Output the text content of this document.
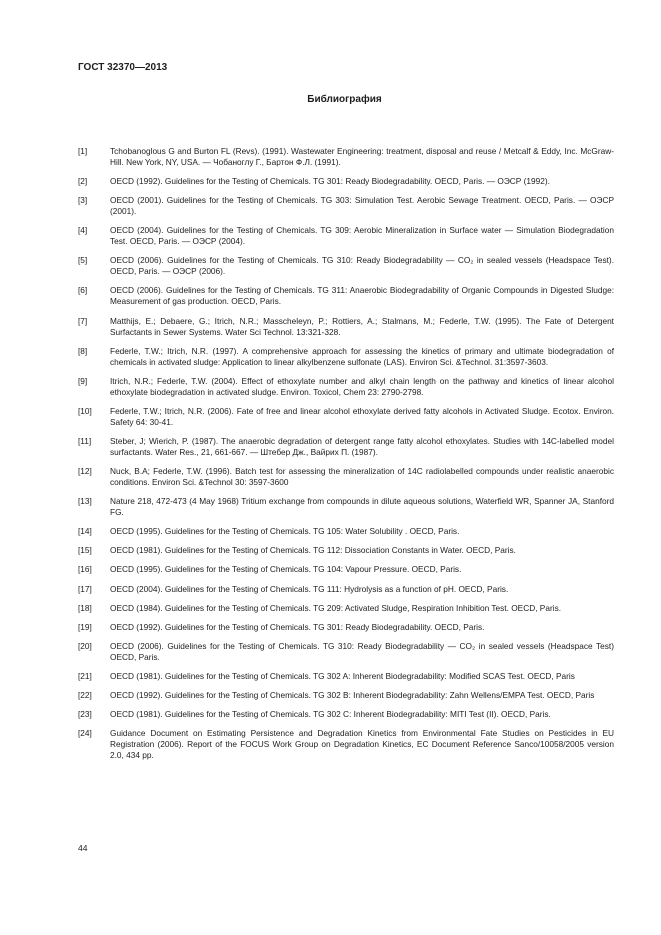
ГОСТ 32370—2013
Библиография
[1]	Tchobanoglous G and Burton FL (Revs). (1991). Wastewater Engineering: treatment, disposal and reuse / Metcalf & Eddy, Inc. McGraw-Hill. New York, NY, USA. — Чобаноглу Г., Бартон Ф.Л. (1991).
[2]	OECD (1992). Guidelines for the Testing of Chemicals. TG 301: Ready Biodegradability. OECD, Paris. — ОЭСР (1992).
[3]	OECD (2001). Guidelines for the Testing of Chemicals. TG 303: Simulation Test. Aerobic Sewage Treatment. OECD, Paris. — ОЭСР (2001).
[4]	OECD (2004). Guidelines for the Testing of Chemicals. TG 309: Aerobic Mineralization in Surface water — Simulation Biodegradation Test. OECD, Paris. — ОЭСР (2004).
[5]	OECD (2006). Guidelines for the Testing of Chemicals. TG 310: Ready Biodegradability — CO₂ in sealed vessels (Headspace Test). OECD, Paris. — ОЭСР (2006).
[6]	OECD (2006). Guidelines for the Testing of Chemicals. TG 311: Anaerobic Biodegradability of Organic Compounds in Digested Sludge: Measurement of gas production. OECD, Paris.
[7]	Matthijs, E.; Debaere, G.; Itrich, N.R.; Masscheleyn, P.; Rottiers, A.; Stalmans, M.; Federle, T.W. (1995). The Fate of Detergent Surfactants in Sewer Systems. Water Sci Technol. 13:321-328.
[8]	Federle, T.W.; Itrich, N.R. (1997). A comprehensive approach for assessing the kinetics of primary and ultimate biodegradation of chemicals in activated sludge: Application to linear alkylbenzene sulfonate (LAS). Environ Sci. &Technol. 31:3597-3603.
[9]	Itrich, N.R.; Federle, T.W. (2004). Effect of ethoxylate number and alkyl chain length on the pathway and kinetics of linear alcohol ethoxylate biodegradation in activated sludge. Environ. Toxicol, Chem 23: 2790-2798.
[10]	Federle, T.W.; Itrich, N.R. (2006). Fate of free and linear alcohol ethoxylate derived fatty alcohols in Activated Sludge. Ecotox. Environ. Safety 64: 30-41.
[11]	Steber, J; Wierich, P. (1987). The anaerobic degradation of detergent range fatty alcohol ethoxylates. Studies with 14C-labelled model surfactants. Water Res., 21, 661-667. — Штебер Дж., Вайрих П. (1987).
[12]	Nuck, B.A; Federle, T.W. (1996). Batch test for assessing the mineralization of 14C radiolabelled compounds under realistic anaerobic conditions. Environ Sci. &Technol 30: 3597-3600
[13]	Nature 218, 472-473 (4 May 1968) Tritium exchange from compounds in dilute aqueous solutions, Waterfield WR, Spanner JA, Stanford FG.
[14]	OECD (1995). Guidelines for the Testing of Chemicals. TG 105: Water Solubility . OECD, Paris.
[15]	OECD (1981). Guidelines for the Testing of Chemicals. TG 112: Dissociation Constants in Water. OECD, Paris.
[16]	OECD (1995). Guidelines for the Testing of Chemicals. TG 104: Vapour Pressure. OECD, Paris.
[17]	OECD (2004). Guidelines for the Testing of Chemicals. TG 111: Hydrolysis as a function of pH. OECD, Paris.
[18]	OECD (1984). Guidelines for the Testing of Chemicals. TG 209: Activated Sludge, Respiration Inhibition Test. OECD, Paris.
[19]	OECD (1992). Guidelines for the Testing of Chemicals. TG 301: Ready Biodegradability. OECD, Paris.
[20]	OECD (2006). Guidelines for the Testing of Chemicals. TG 310: Ready Biodegradability — CO₂ in sealed vessels (Headspace Test) OECD, Paris.
[21]	OECD (1981). Guidelines for the Testing of Chemicals. TG 302 A: Inherent Biodegradability: Modified SCAS Test. OECD, Paris
[22]	OECD (1992). Guidelines for the Testing of Chemicals. TG 302 B: Inherent Biodegradability: Zahn Wellens/EMPA Test. OECD, Paris
[23]	OECD (1981). Guidelines for the Testing of Chemicals. TG 302 C: Inherent Biodegradability: MITI Test (II). OECD, Paris.
[24]	Guidance Document on Estimating Persistence and Degradation Kinetics from Environmental Fate Studies on Pesticides in EU Registration (2006). Report of the FOCUS Work Group on Degradation Kinetics, EC Document Reference Sanco/10058/2005 version 2.0, 434 pp.
44
